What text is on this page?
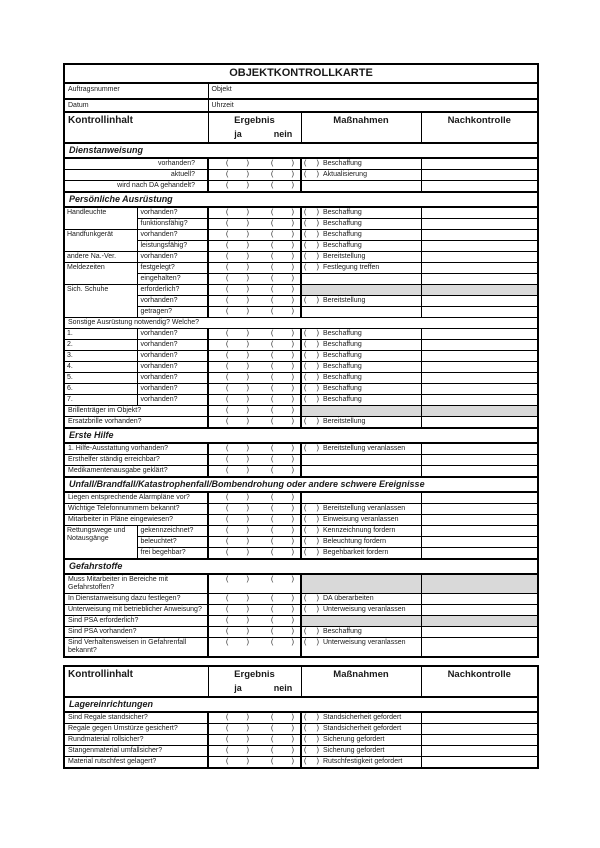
OBJEKTKONTROLLKARTE				
Auftragsnummer		Objekt		
Datum		Uhrzeit		
Kontrollinhalt		Ergebnis
ja nein	Maßnahmen	Nachkontrolle
Dienstanweisung				
vorhanden?		( ) ( )	( ) Beschaffung	

aktuell?		( ) ( )	( ) Aktualisierung	

wird nach DA gehandelt?		( ) ( )		

Persönliche Ausrüstung				
Handleuchte	vorhanden?	( ) ( )	( ) Beschaffung	

	funktionsfähig?	( ) ( )	( ) Beschaffung	

Handfunkgerät	vorhanden?	( ) ( )	( ) Beschaffung	

	leistungsfähig?	( ) ( )	( ) Beschaffung	

andere Na.-Ver.	vorhanden?	( ) ( )	( ) Bereitstellung	

Meldezeiten	festgelegt?	( ) ( )	( ) Festlegung treffen	

	eingehalten?	( ) ( )		

Sich. Schuhe	erforderlich?	( ) ( )		

	vorhanden?	( ) ( )	( ) Bereitstellung	

	getragen?	( ) ( )		

Sonstige Ausrüstung notwendig? Welche?				
1.	vorhanden?	( ) ( )	( ) Beschaffung	

2.	vorhanden?	( ) ( )	( ) Beschaffung	

3.	vorhanden?	( ) ( )	( ) Beschaffung	

4.	vorhanden?	( ) ( )	( ) Beschaffung	

5.	vorhanden?	( ) ( )	( ) Beschaffung	

6.	vorhanden?	( ) ( )	( ) Beschaffung	

7.	vorhanden?	( ) ( )	( ) Beschaffung	

Brillenträger im Objekt?		( ) ( )		

Ersatzbrille vorhanden?		( ) ( )	( ) Bereitstellung	

Erste Hilfe				
1. Hilfe-Ausstattung vorhanden?		( ) ( )	( ) Bereitstellung veranlassen	

Ersthelfer ständig erreichbar?		( ) ( )		

Medikamentenausgabe geklärt?		( ) ( )		

Unfall/Brandfall/Katastrophenfall/Bombendrohung oder andere schwere Ereignisse				
Liegen entsprechende Alarmpläne vor?		( ) ( )		

Wichtige Telefonnummern bekannt?		( ) ( )	( ) Bereitstellung veranlassen	

Mitarbeiter in Pläne eingewiesen?		( ) ( )	( ) Einweisung veranlassen	

Rettungswege und Notausgänge	gekennzeichnet?	( ) ( )	( ) Kennzeichnung fordern	

	beleuchtet?	( ) ( )	( ) Beleuchtung fordern	

	frei begehbar?	( ) ( )	( ) Begehbarkeit fordern	

Gefahrstoffe				
Muss Mitarbeiter in Bereiche mit Gefahrstoffen?		( ) ( )		

In Dienstanweisung dazu festlegen?		( ) ( )	( ) DA überarbeiten	

Unterweisung mit betrieblicher Anweisung?		( ) ( )	( ) Unterweisung veranlassen	

Sind PSA erforderlich?		( ) ( )		

Sind PSA vorhanden?		( ) ( )	( ) Beschaffung	

Sind Verhaltensweisen in Gefahrenfall bekannt?		( ) ( )	( ) Unterweisung veranlassen	

Kontrollinhalt	Ergebnis
ja nein	Maßnahmen	Nachkontrolle
Lagereinrichtungen			
Sind Regale standsicher?	( ) ( )	( ) Standsicherheit gefordert	

Regale gegen Umstürze gesichert?	( ) ( )	( ) Standsicherheit gefordert	

Rundmaterial rollsicher?	( ) ( )	( ) Sicherung gefordert	

Stangenmaterial umfallsicher?	( ) ( )	( ) Sicherung gefordert	

Material rutschfest gelagert?	( ) ( )	( ) Rutschfestigkeit gefordert	
